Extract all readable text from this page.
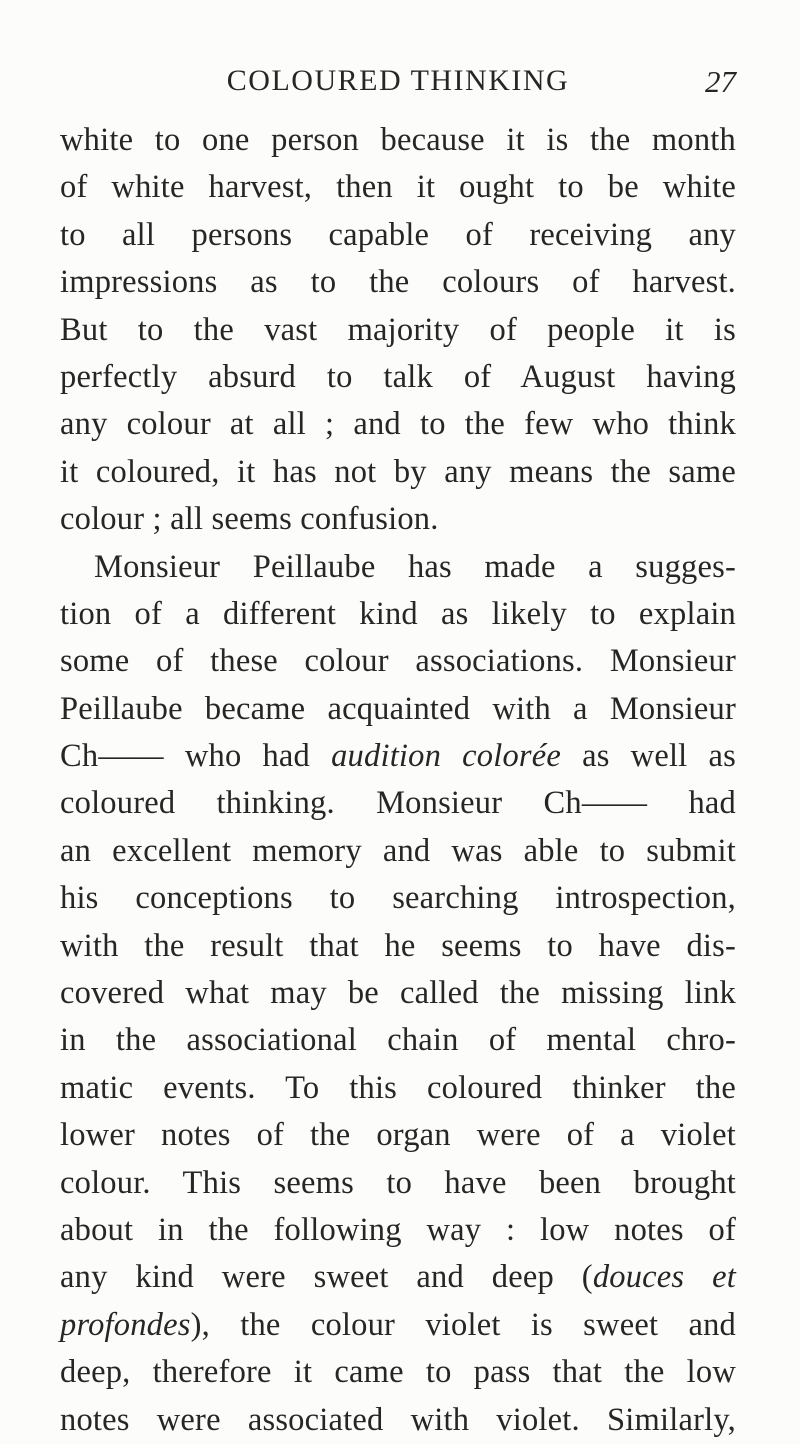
COLOURED THINKING	27
white to one person because it is the month
of white harvest, then it ought to be white
to all persons capable of receiving any
impressions as to the colours of harvest.
But to the vast majority of people it is
perfectly absurd to talk of August having
any colour at all ; and to the few who think
it coloured, it has not by any means the same
colour ; all seems confusion.
Monsieur Peillaube has made a sugges-
tion of a different kind as likely to explain
some of these colour associations. Monsieur
Peillaube became acquainted with a Monsieur
Ch—— who had audition colorée as well as
coloured thinking. Monsieur Ch—— had
an excellent memory and was able to submit
his conceptions to searching introspection,
with the result that he seems to have dis-
covered what may be called the missing link
in the associational chain of mental chro-
matic events. To this coloured thinker the
lower notes of the organ were of a violet
colour. This seems to have been brought
about in the following way : low notes of
any kind were sweet and deep (douces et
profondes), the colour violet is sweet and
deep, therefore it came to pass that the low
notes were associated with violet. Similarly,
